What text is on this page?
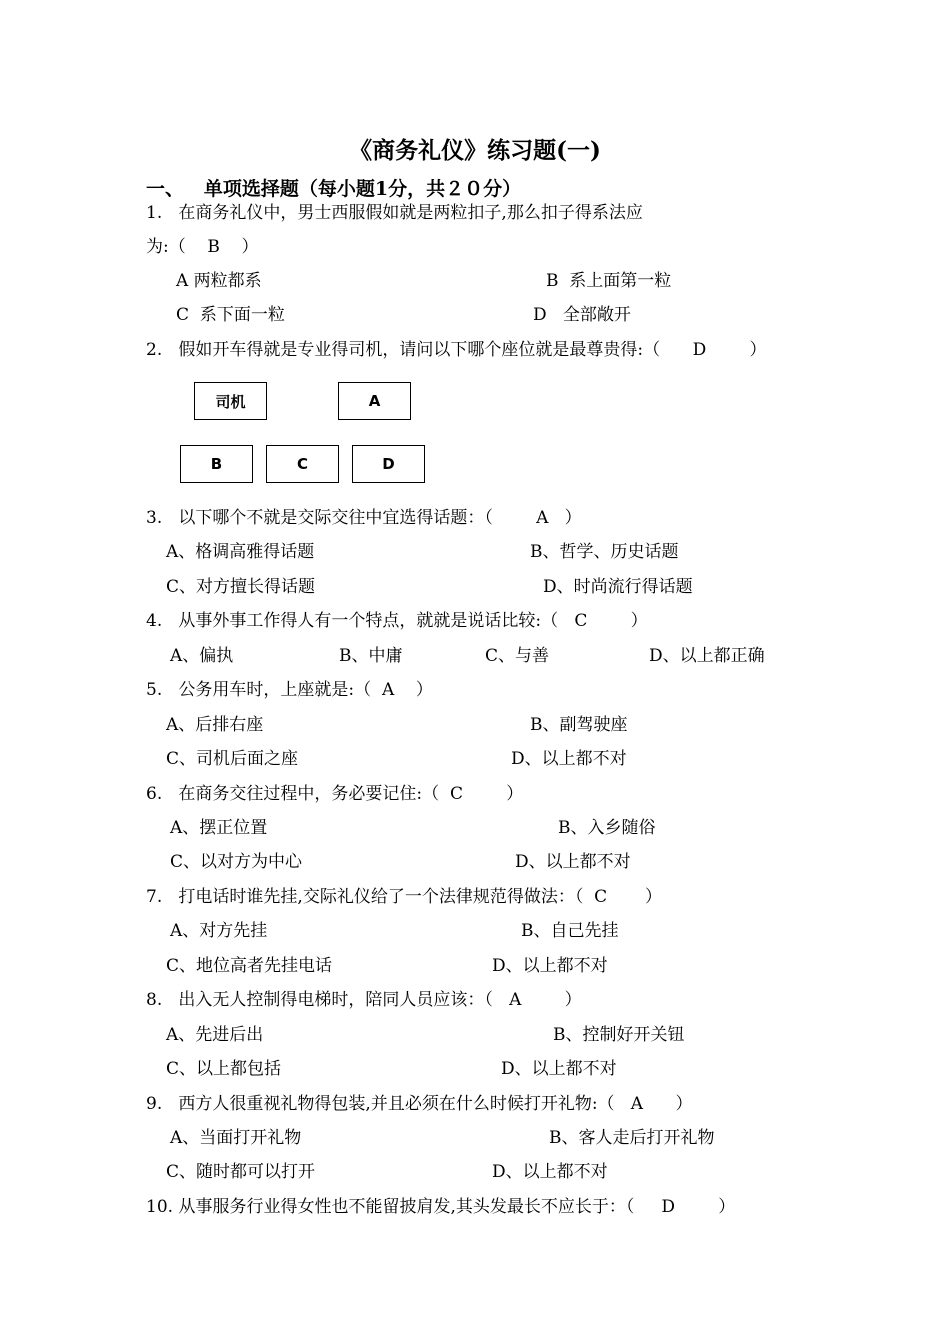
《商务礼仪》练习题(一)
一、 单项选择题（每小题1分，共２０分）
1.   在商务礼仪中，男士西服假如就是两粒扣子,那么扣子得系法应
为:（    B    ）
A 两粒都系	B  系上面第一粒
C  系下面一粒	D   全部敞开
2.   假如开车得就是专业得司机，请问以下哪个座位就是最尊贵得:（      D        ）
司机	A
B	C	D
3.   以下哪个不就是交际交往中宜选得话题：（        A   ）
A、格调高雅得话题	B、哲学、历史话题
C、对方擅长得话题	D、时尚流行得话题
4.   从事外事工作得人有一个特点，就就是说话比较:（   C        ）
A、偏执	B、中庸	C、与善	D、以上都正确
5.   公务用车时，上座就是:（  A    ）
A、后排右座	B、副驾驶座
C、司机后面之座	D、以上都不对
6.   在商务交往过程中，务必要记住:（  C        ）
A、摆正位置	B、入乡随俗
C、以对方为中心	D、以上都不对
7.   打电话时谁先挂,交际礼仪给了一个法律规范得做法：（  C       ）
A、对方先挂	B、自己先挂
C、地位高者先挂电话	D、以上都不对
8.   出入无人控制得电梯时，陪同人员应该：（   A        ）
A、先进后出	B、控制好开关钮
C、以上都包括	D、以上都不对
9.   西方人很重视礼物得包装,并且必须在什么时候打开礼物:（   A      ）
A、当面打开礼物	B、客人走后打开礼物
C、随时都可以打开	D、以上都不对
10. 从事服务行业得女性也不能留披肩发,其头发最长不应长于：（     D        ）
